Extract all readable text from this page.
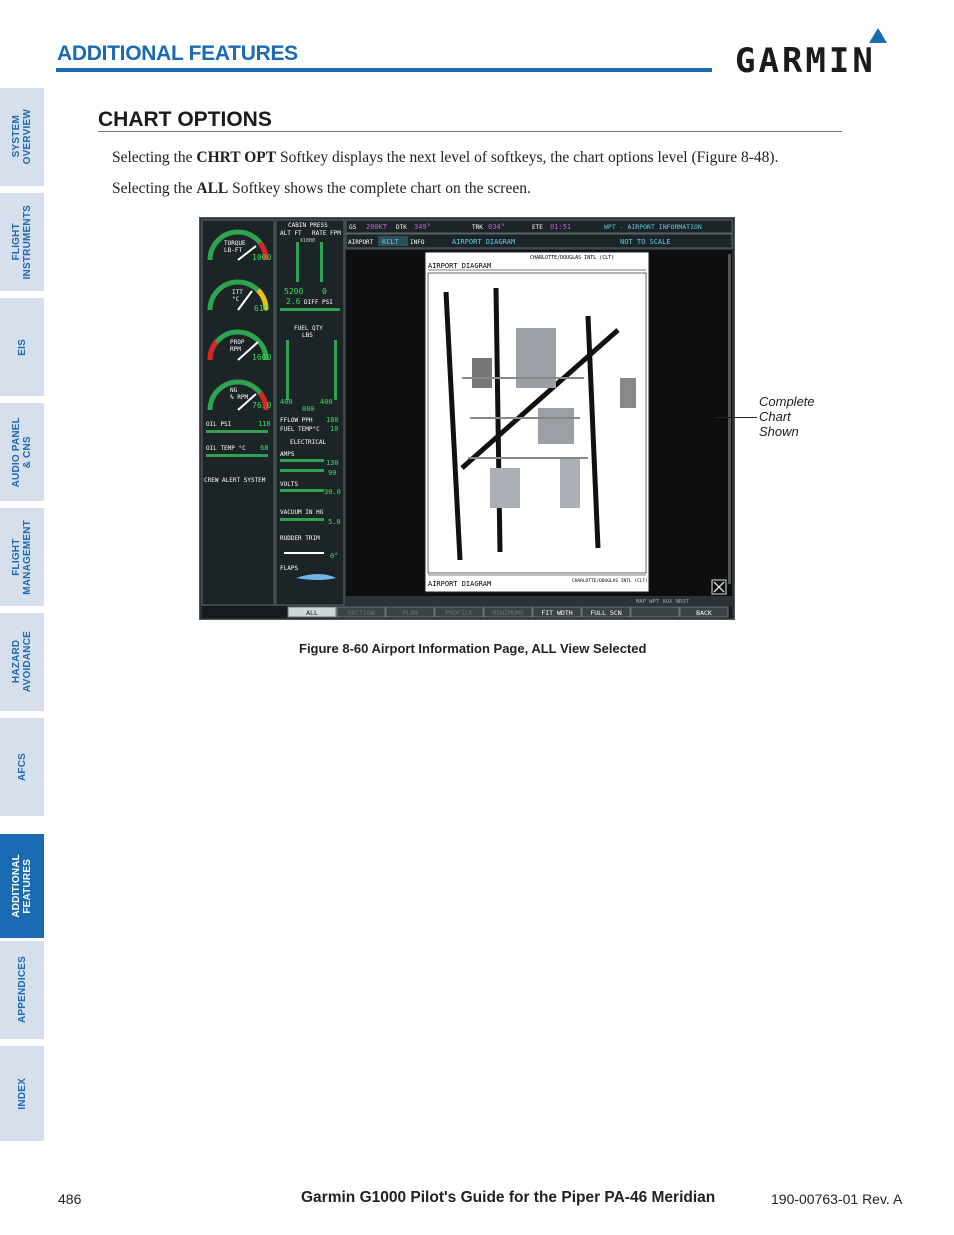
ADDITIONAL FEATURES	GARMIN
SYSTEM
OVERVIEW
FLIGHT
INSTRUMENTS
EIS
AUDIO PANEL
& CNS
FLIGHT
MANAGEMENT
HAZARD
AVOIDANCE
AFCS
ADDITIONAL
FEATURES
APPENDICES
INDEX
CHART OPTIONS
Selecting the CHRT OPT Softkey displays the next level of softkeys, the chart options level (Figure 8-48).
Selecting the ALL Softkey shows the complete chart on the screen.
TORQUE LB-FT
1000
ITT °C
610
PROP RPM
1600
NG % RPM
76.0
OIL PSI	118
OIL TEMP °C 68
CREW ALERT SYSTEM
CABIN PRESS
ALT FT RATE FPM
X1000
5200 0
2.6 DIFF PSI
FUEL QTY
LBS
400	400
800
FFLOW PPH 180
FUEL TEMP°C 10
ELECTRICAL
AMPS
130
90
VOLTS
30.0
VACUUM IN HG
5.0
RUDDER TRIM
0°
FLAPS
GS 200KT DTK 349°	TRK 034°	ETE 01:51	WPT - AIRPORT INFORMATION
AIRPORT KCLT INFO	AIRPORT DIAGRAM	NOT TO SCALE
AIRPORT DIAGRAM
CHARLOTTE/DOUGLAS INTL (CLT)
AIRPORT DIAGRAM	CHARLOTTE/DOUGLAS INTL (CLT)
MAP WPT AUX NRST
ALL	SECTION	PLAN	PROFILE	MINIMUMS	FIT WDTH	FULL SCN	BACK
Complete
Chart
Shown
Figure 8-60 Airport Information Page, ALL View Selected
486	Garmin G1000 Pilot's Guide for the Piper PA-46 Meridian	190-00763-01 Rev. A
